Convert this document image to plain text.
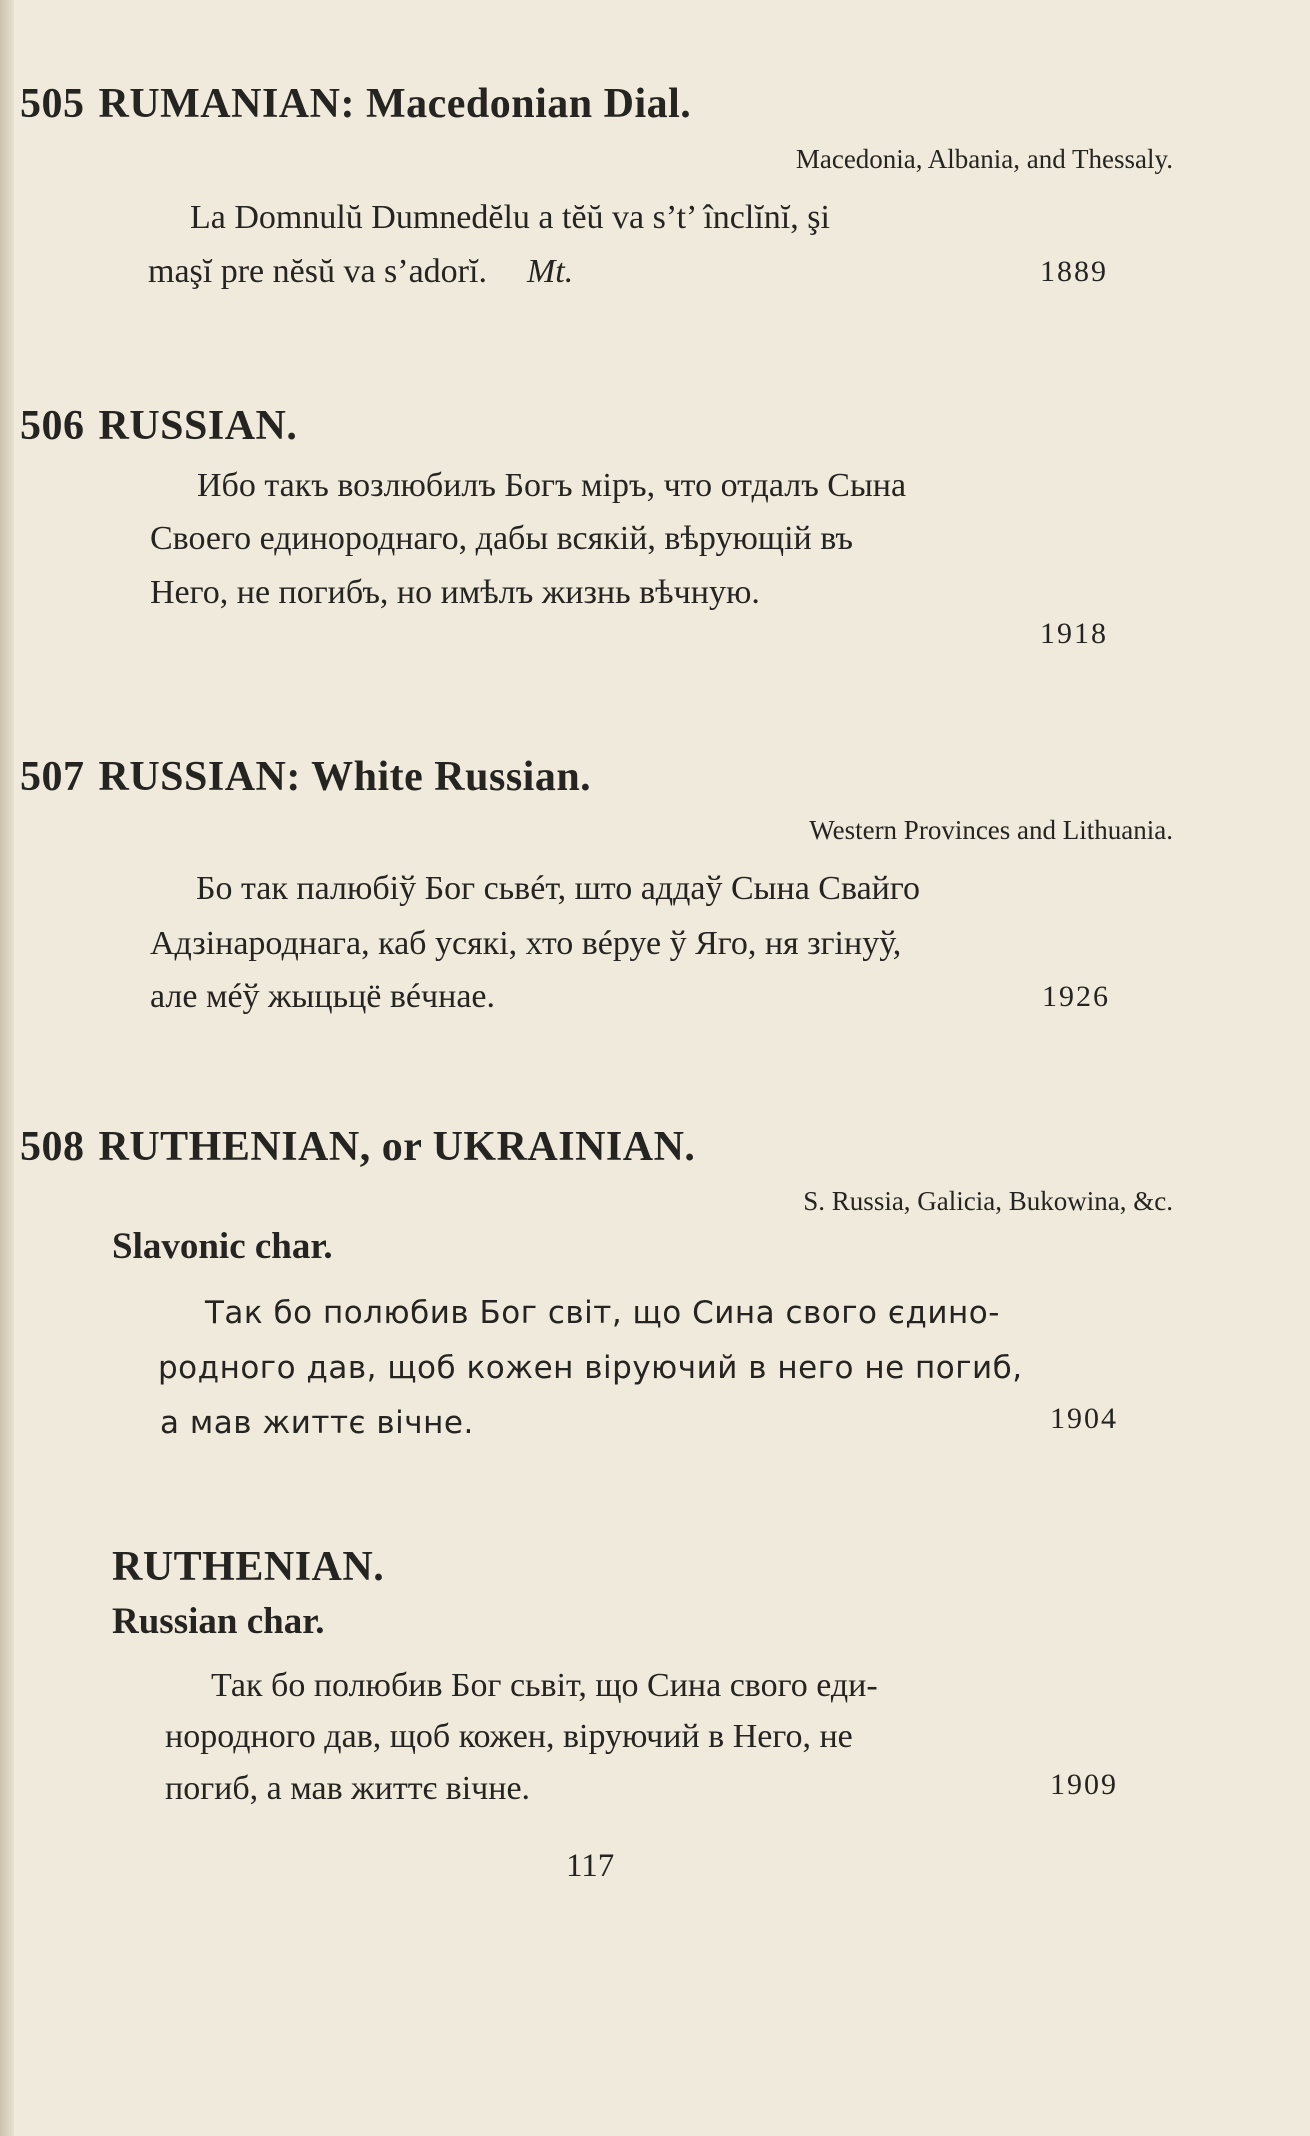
505 RUMANIAN: Macedonian Dial.
Macedonia, Albania, and Thessaly.
La Domnulŭ Dumnedĕlu a tĕŭ va s’t’ înclĭnĭ, şi
maşĭ pre nĕsŭ va s’adorĭ. Mt.	1889
506 RUSSIAN.
Ибо такъ возлюбилъ Богъ міръ, что отдалъ Сына
Своего единороднаго, дабы всякій, вѣрующій въ
Него, не погибъ, но имѣлъ жизнь вѣчную.
1918
507 RUSSIAN: White Russian.
Western Provinces and Lithuania.
Бо так палюбіў Бог сьвéт, што аддаў Сына Свайго
Адзінароднага, каб усякі, хто вéруе ў Яго, ня згінуў,
але мéў жыцьцё вéчнае.	1926
508 RUTHENIAN, or UKRAINIAN.
S. Russia, Galicia, Bukowina, &c.
Slavonic char.
Так бо полюбив Бог світ, що Сина свого єдино-
родного дав, щоб кожен віруючий в него не погиб,
а мав життє вічне.	1904
RUTHENIAN.
Russian char.
Так бо полюбив Бог сьвіт, що Сина свого еди-
нородного дав, щоб кожен, віруючий в Него, не
погиб, а мав життє вічне.	1909
117
